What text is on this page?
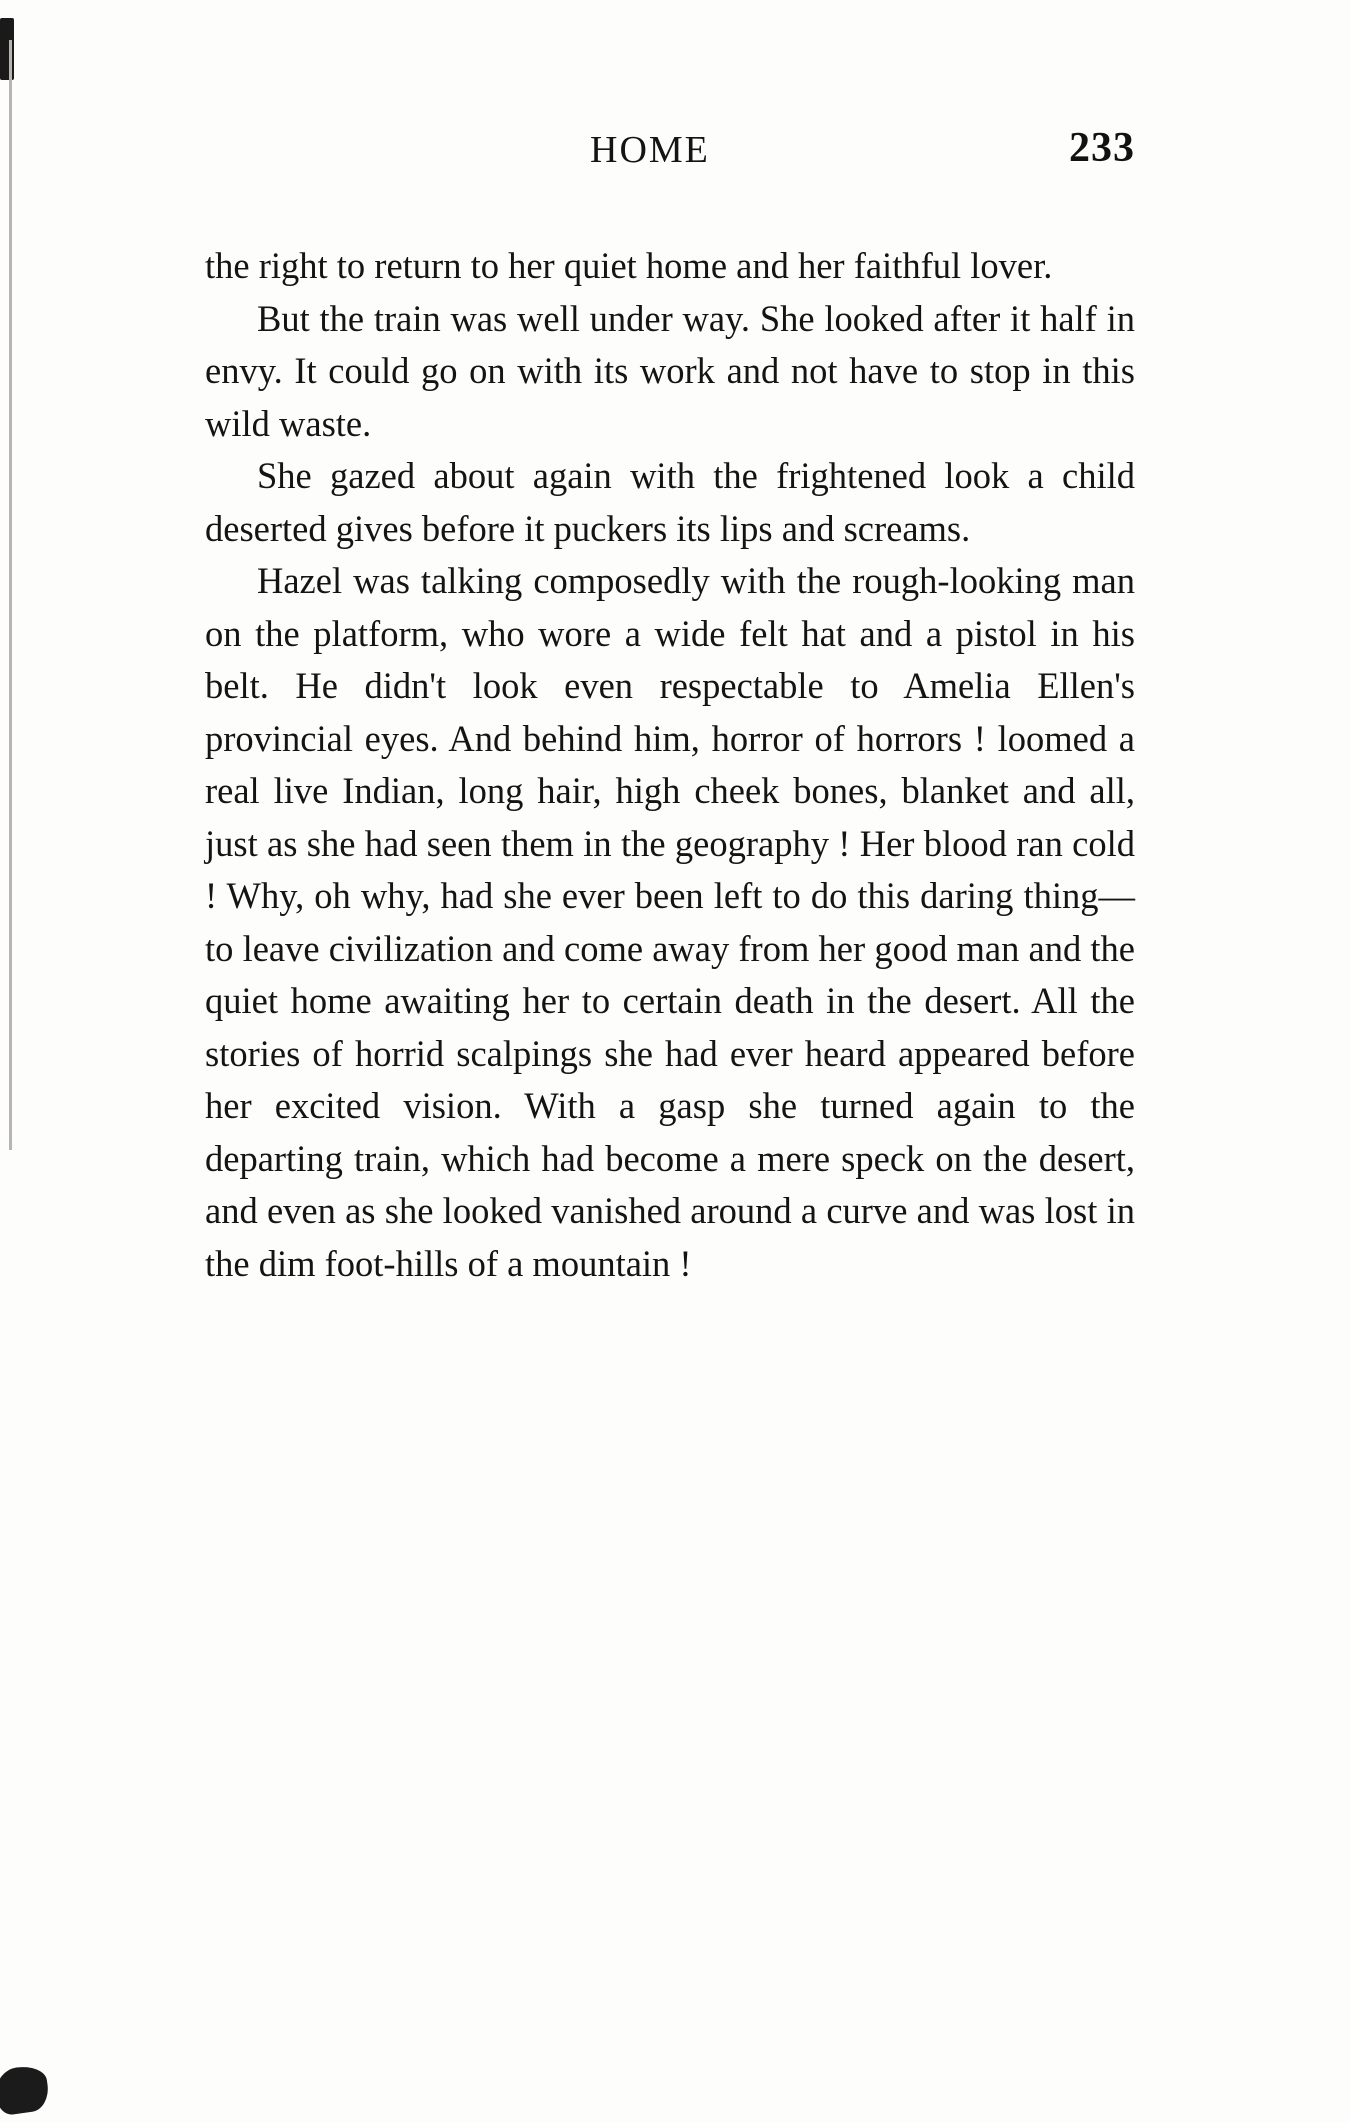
HOME	233

the right to return to her quiet home and her faithful lover.

But the train was well under way. She looked after it half in envy. It could go on with its work and not have to stop in this wild waste.

She gazed about again with the frightened look a child deserted gives before it puckers its lips and screams.

Hazel was talking composedly with the rough-looking man on the platform, who wore a wide felt hat and a pistol in his belt. He didn't look even respectable to Amelia Ellen's provincial eyes. And behind him, horror of horrors ! loomed a real live Indian, long hair, high cheek bones, blanket and all, just as she had seen them in the geography ! Her blood ran cold ! Why, oh why, had she ever been left to do this daring thing—to leave civilization and come away from her good man and the quiet home awaiting her to certain death in the desert. All the stories of horrid scalpings she had ever heard appeared before her excited vision. With a gasp she turned again to the departing train, which had become a mere speck on the desert, and even as she looked vanished around a curve and was lost in the dim foot-hills of a mountain !
